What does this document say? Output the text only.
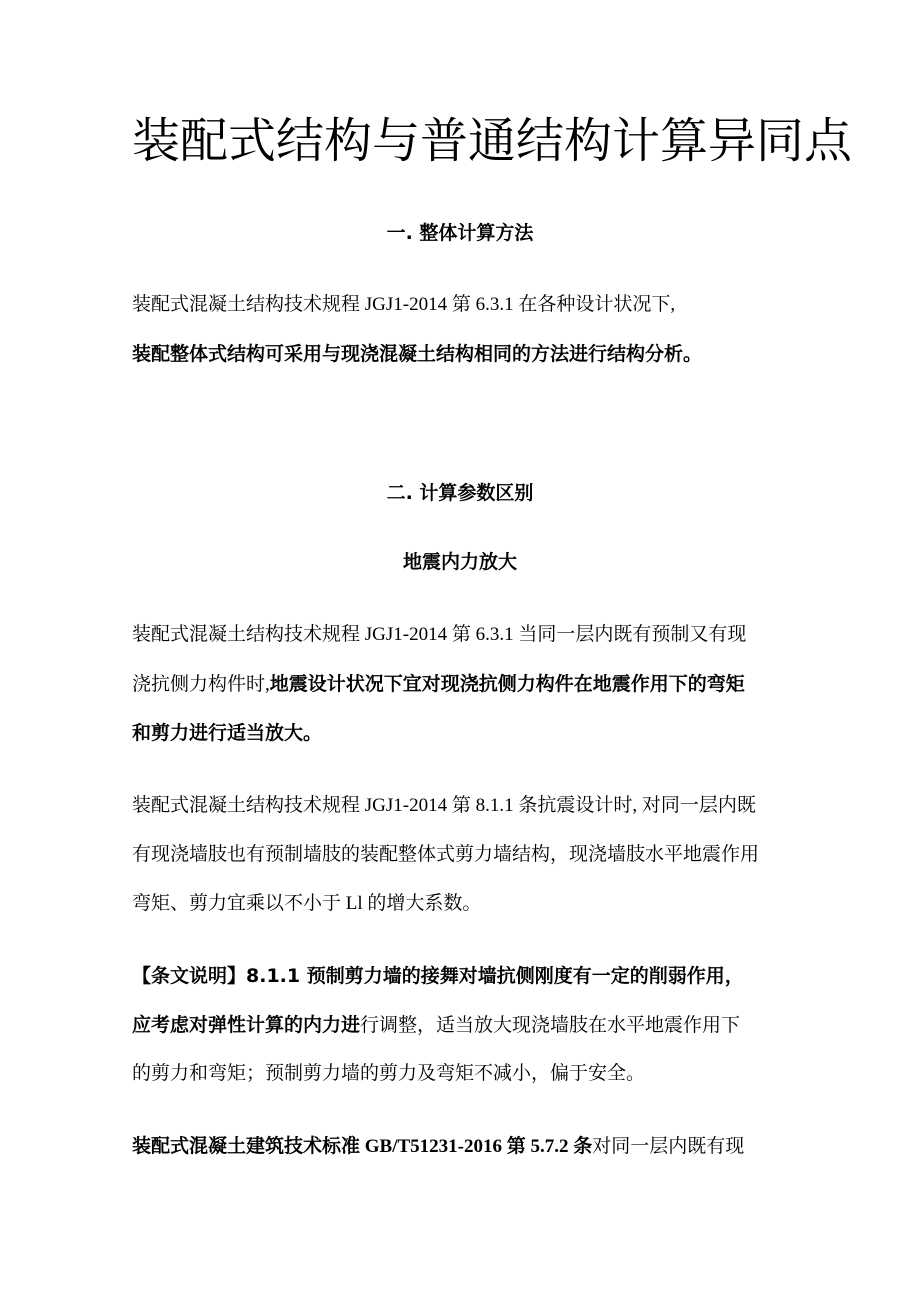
装配式结构与普通结构计算异同点
一. 整体计算方法
装配式混凝土结构技术规程 JGJ1-2014 第 6.3.1 在各种设计状况下,
装配整体式结构可采用与现浇混凝土结构相同的方法进行结构分析。
二. 计算参数区别
地震内力放大
装配式混凝土结构技术规程 JGJ1-2014 第 6.3.1 当同一层内既有预制又有现
浇抗侧力构件时,地震设计状况下宜对现浇抗侧力构件在地震作用下的弯矩
和剪力进行适当放大。
装配式混凝土结构技术规程 JGJ1-2014 第 8.1.1 条抗震设计时, 对同一层内既
有现浇墙肢也有预制墙肢的装配整体式剪力墙结构，现浇墙肢水平地震作用
弯矩、剪力宜乘以不小于 Ll 的增大系数。
【条文说明】8.1.1 预制剪力墙的接舞对墙抗侧刚度有一定的削弱作用，
应考虑对弹性计算的内力进行调整，适当放大现浇墙肢在水平地震作用下
的剪力和弯矩；预制剪力墙的剪力及弯矩不减小，偏于安全。
装配式混凝土建筑技术标准 GB/T51231-2016 第 5.7.2 条对同一层内既有现
